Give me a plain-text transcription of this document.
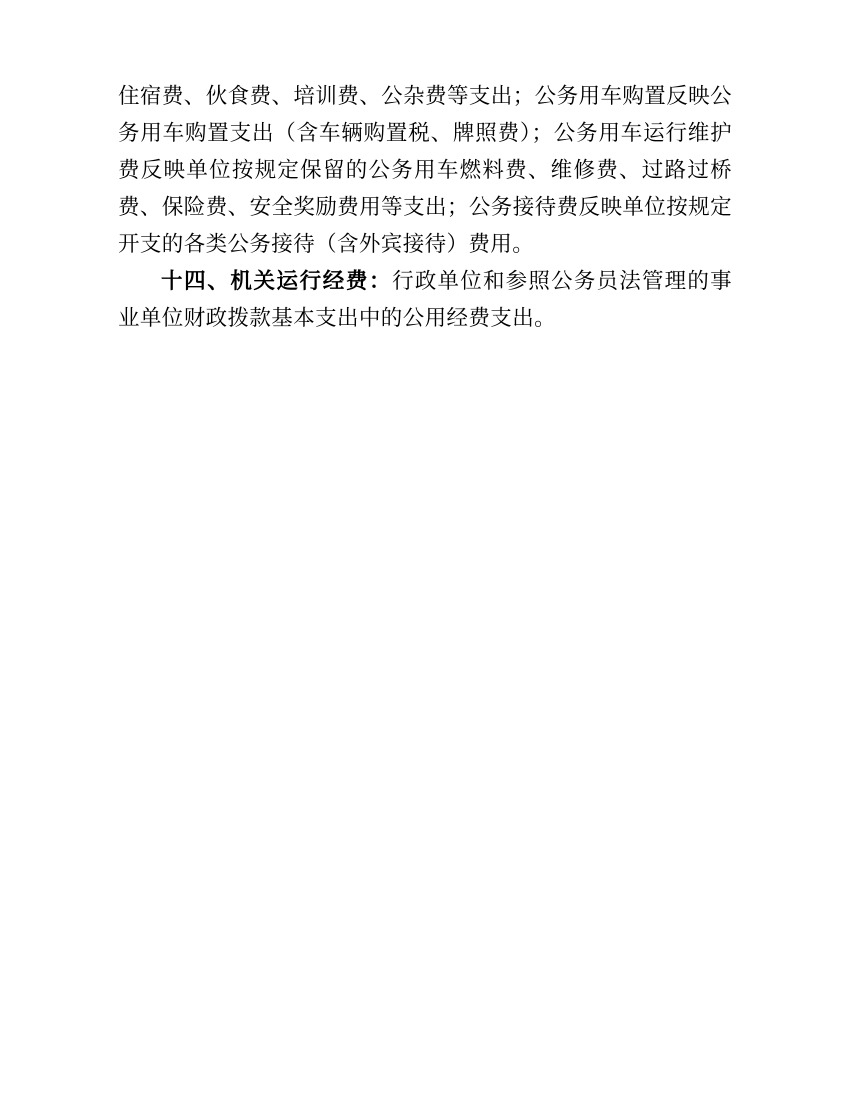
住宿费、伙食费、培训费、公杂费等支出；公务用车购置反映公务用车购置支出（含车辆购置税、牌照费）；公务用车运行维护费反映单位按规定保留的公务用车燃料费、维修费、过路过桥费、保险费、安全奖励费用等支出；公务接待费反映单位按规定开支的各类公务接待（含外宾接待）费用。

十四、机关运行经费：行政单位和参照公务员法管理的事业单位财政拨款基本支出中的公用经费支出。
